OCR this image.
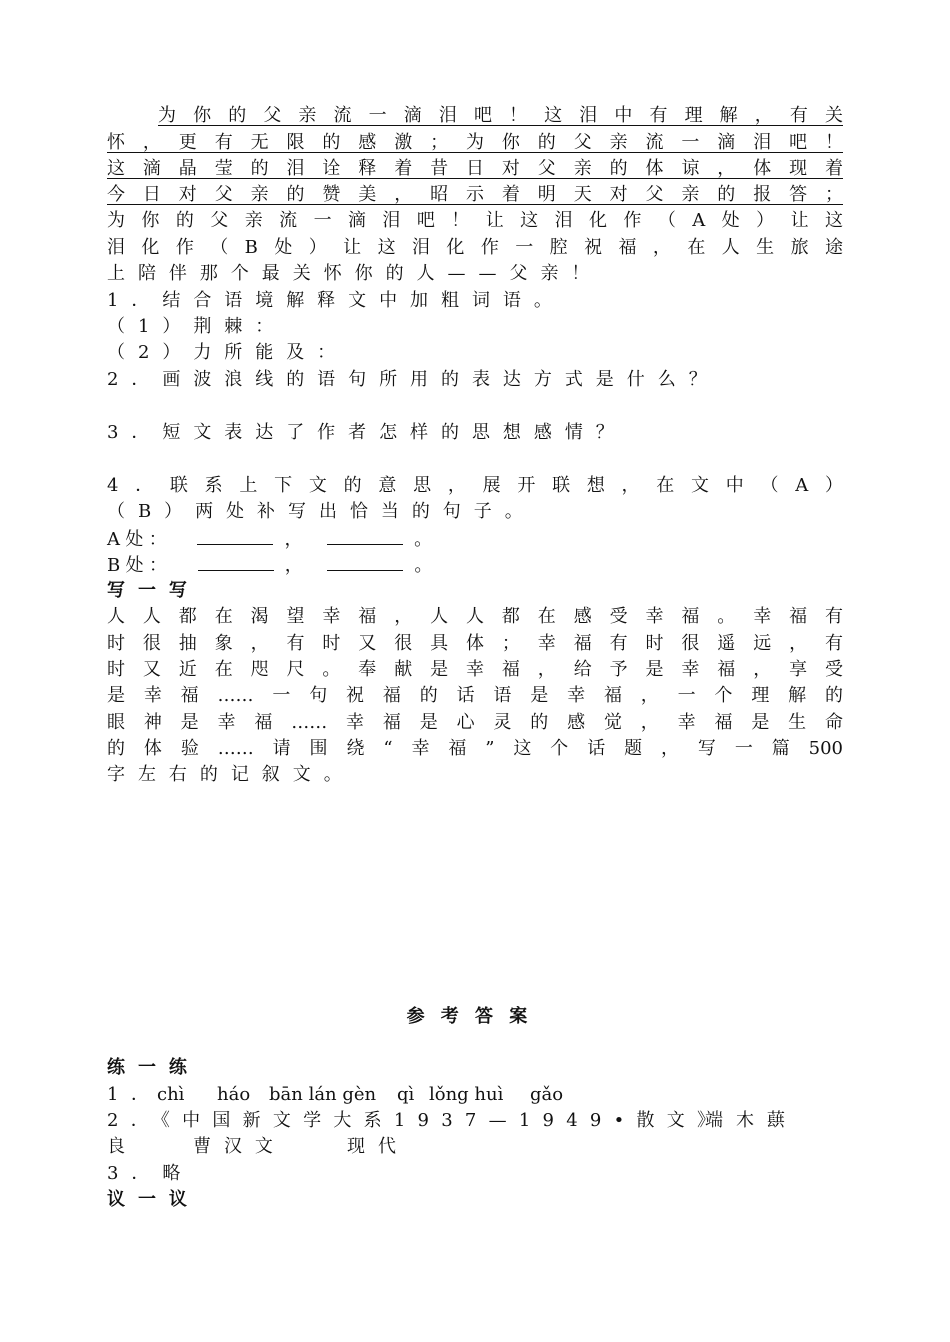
为你的父亲流一滴泪吧！这泪中有理解，有关
怀，更有无限的感激；为你的父亲流一滴泪吧！
这滴晶莹的泪诠释着昔日对父亲的体谅，体现着
今日对父亲的赞美，昭示着明天对父亲的报答；
为你的父亲流一滴泪吧！让这泪化作（A处）让这
泪化作（B处）让这泪化作一腔祝福，在人生旅途
上陪伴那个最关怀你的人——父亲！
1．结合语境解释文中加粗词语。
（1）荆棘：
（2）力所能及：
2．画波浪线的语句所用的表达方式是什么？
3．短文表达了作者怎样的思想感情？
4．联系上下文的意思，展开联想，在文中（A）
（B）两处补写出恰当的句子。
A处：	，	。
B处：	，	。
写一写
人人都在渴望幸福，人人都在感受幸福。幸福有
时很抽象，有时又很具体；幸福有时很遥远，有
时又近在咫尺。奉献是幸福，给予是幸福，享受
是幸福……一句祝福的话语是幸福，一个理解的
眼神是幸福……幸福是心灵的感觉，幸福是生命
的体验……请围绕“幸福”这个话题，写一篇500
字左右的记叙文。
参考答案
练一练
1．chì háo bān lán gèn qì lǒng huì gǎo
2．《中国新文学大系1937—1949•散文》
端木蕻
良	曹汉文	现代
3．略
议一议
